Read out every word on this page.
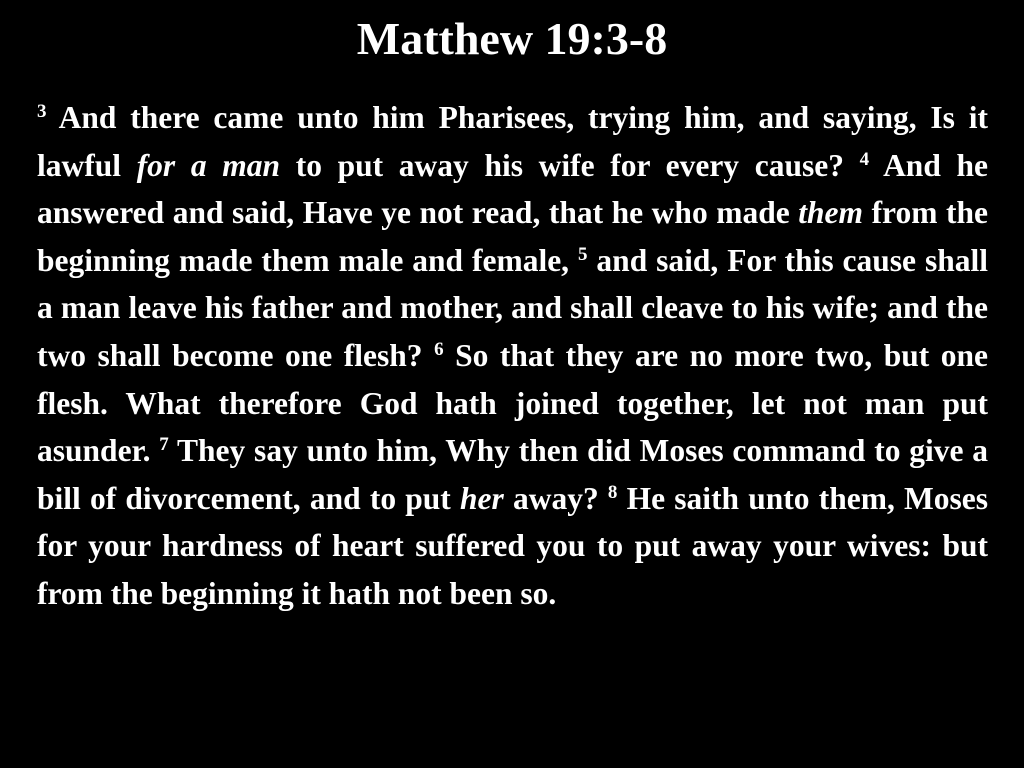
Matthew 19:3-8
$^3$ And there came unto him Pharisees, trying him, and saying, Is it lawful for a man to put away his wife for every cause? $^4$ And he answered and said, Have ye not read, that he who made them from the beginning made them male and female, $^5$ and said, For this cause shall a man leave his father and mother, and shall cleave to his wife; and the two shall become one flesh? $^6$ So that they are no more two, but one flesh. What therefore God hath joined together, let not man put asunder. $^7$ They say unto him, Why then did Moses command to give a bill of divorcement, and to put her away? $^8$ He saith unto them, Moses for your hardness of heart suffered you to put away your wives: but from the beginning it hath not been so.
